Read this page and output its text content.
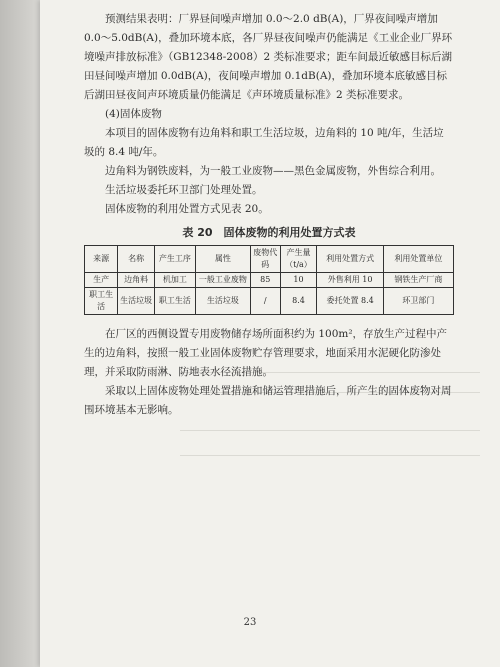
预测结果表明：厂界昼间噪声增加 0.0～2.0 dB(A)，厂界夜间噪声增加 0.0～5.0dB(A)，叠加环境本底，各厂界昼夜间噪声仍能满足《工业企业厂界环境噪声排放标准》（GB12348-2008）2 类标准要求；距车间最近敏感目标后湖田昼间噪声增加 0.0dB(A)，夜间噪声增加 0.1dB(A)，叠加环境本底敏感目标后湖田昼夜间声环境质量仍能满足《声环境质量标准》2 类标准要求。

(4)固体废物

本项目的固体废物有边角料和职工生活垃圾，边角料的 10 吨/年，生活垃圾的 8.4 吨/年。

边角料为钢铁废料，为一般工业废物——黑色金属废物，外售综合利用。

生活垃圾委托环卫部门处理处置。

固体废物的利用处置方式见表 20。

表 20　固体废物的利用处置方式表
来源	名称	产生工序	属性	废物代码	产生量（t/a）	利用处置方式	利用处置单位
生产	边角料	机加工	一般工业废物	85	10	外售利用 10	钢铁生产厂商
职工生活	生活垃圾	职工生活	生活垃圾	/	8.4	委托处置 8.4	环卫部门

在厂区的西侧设置专用废物储存场所面积约为 100m²，存放生产过程中产生的边角料，按照一般工业固体废物贮存管理要求，地面采用水泥硬化防渗处理，并采取防雨淋、防地表水径流措施。

采取以上固体废物处理处置措施和储运管理措施后，所产生的固体废物对周围环境基本无影响。

23
